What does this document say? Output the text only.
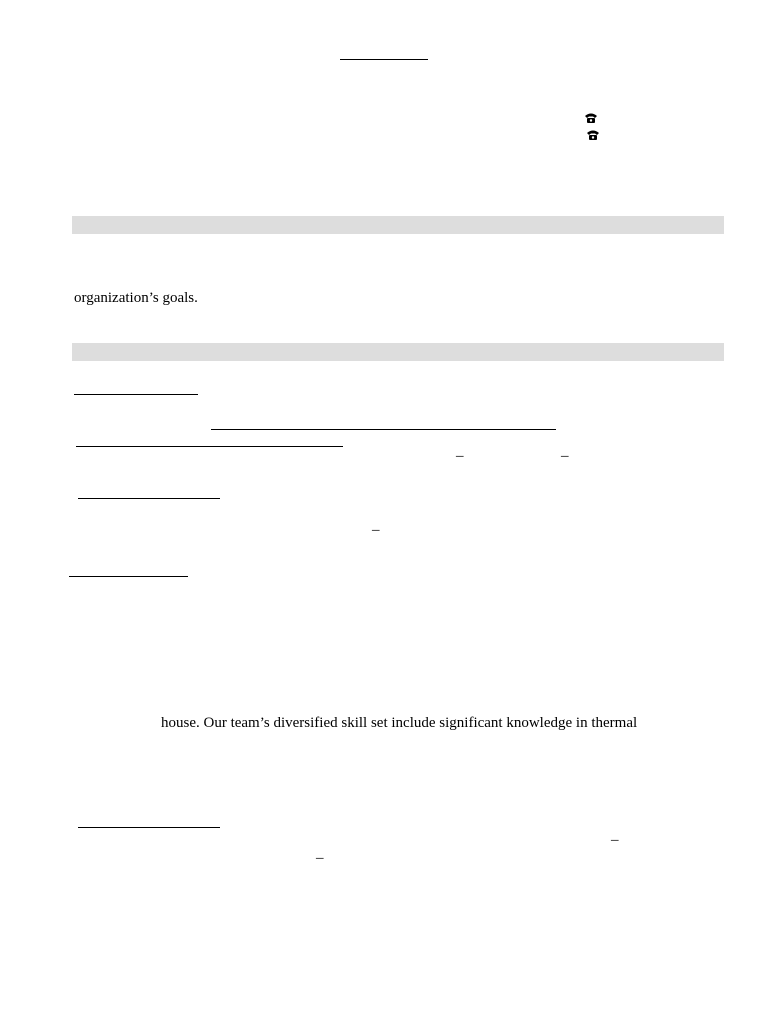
organization’s goals.
–	–
–
house. Our team’s diversified skill set include significant knowledge in thermal
–
–
